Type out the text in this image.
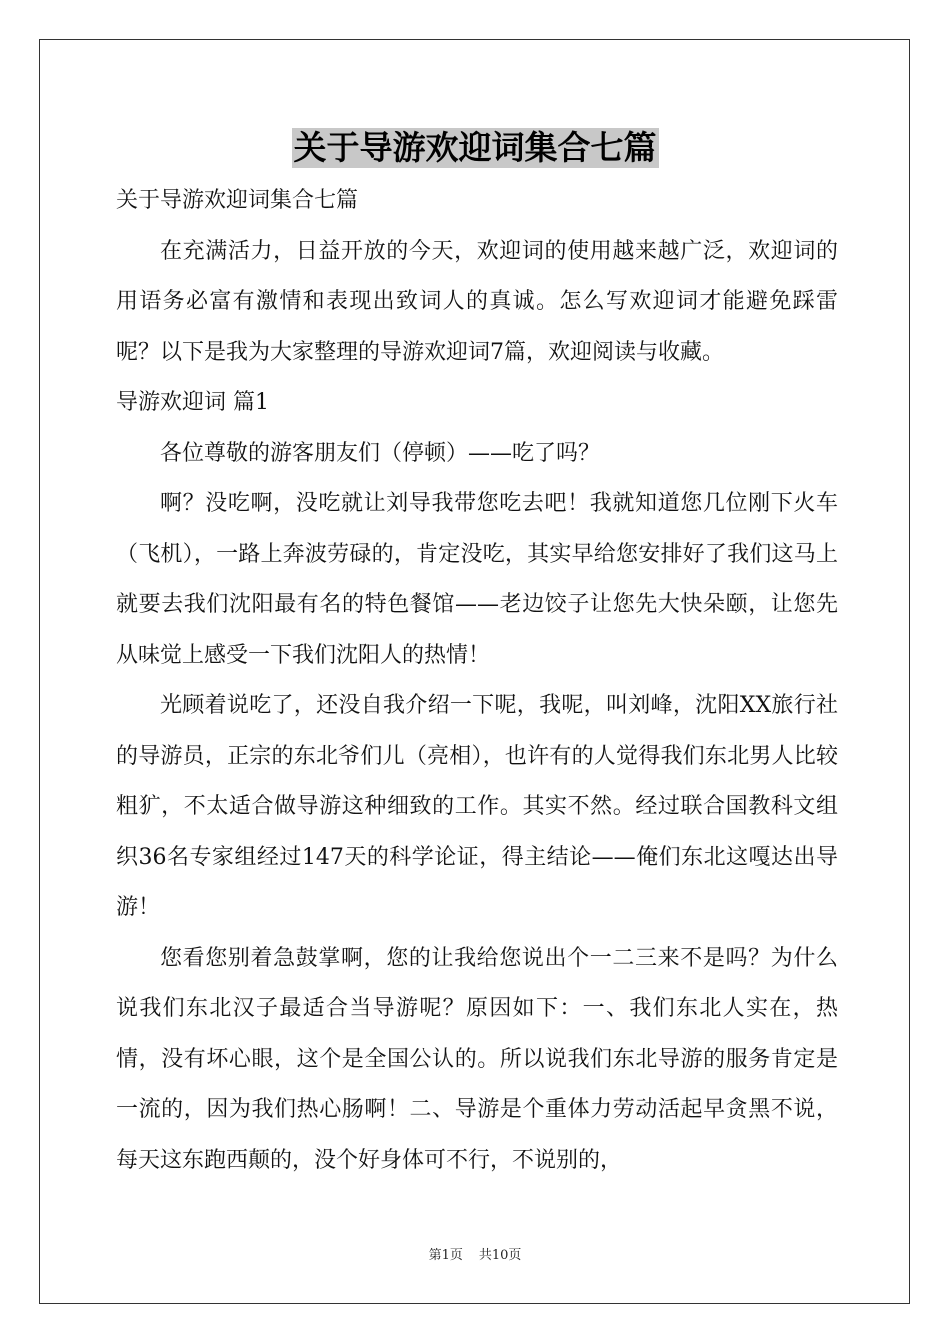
关于导游欢迎词集合七篇

关于导游欢迎词集合七篇

在充满活力，日益开放的今天，欢迎词的使用越来越广泛，欢迎词的用语务必富有激情和表现出致词人的真诚。怎么写欢迎词才能避免踩雷呢？以下是我为大家整理的导游欢迎词7篇，欢迎阅读与收藏。

导游欢迎词 篇1

各位尊敬的游客朋友们（停顿）——吃了吗？

啊？没吃啊，没吃就让刘导我带您吃去吧！我就知道您几位刚下火车（飞机），一路上奔波劳碌的，肯定没吃，其实早给您安排好了我们这马上就要去我们沈阳最有名的特色餐馆——老边饺子让您先大快朵颐，让您先从味觉上感受一下我们沈阳人的热情！

光顾着说吃了，还没自我介绍一下呢，我呢，叫刘峰，沈阳XX旅行社的导游员，正宗的东北爷们儿（亮相），也许有的人觉得我们东北男人比较粗犷，不太适合做导游这种细致的工作。其实不然。经过联合国教科文组织36名专家组经过147天的科学论证，得主结论——俺们东北这嘎达出导游！

您看您别着急鼓掌啊，您的让我给您说出个一二三来不是吗？为什么说我们东北汉子最适合当导游呢？原因如下：一、我们东北人实在，热情，没有坏心眼，这个是全国公认的。所以说我们东北导游的服务肯定是一流的，因为我们热心肠啊！二、导游是个重体力劳动活起早贪黑不说，每天这东跑西颠的，没个好身体可不行，不说别的，

第1页 共10页
